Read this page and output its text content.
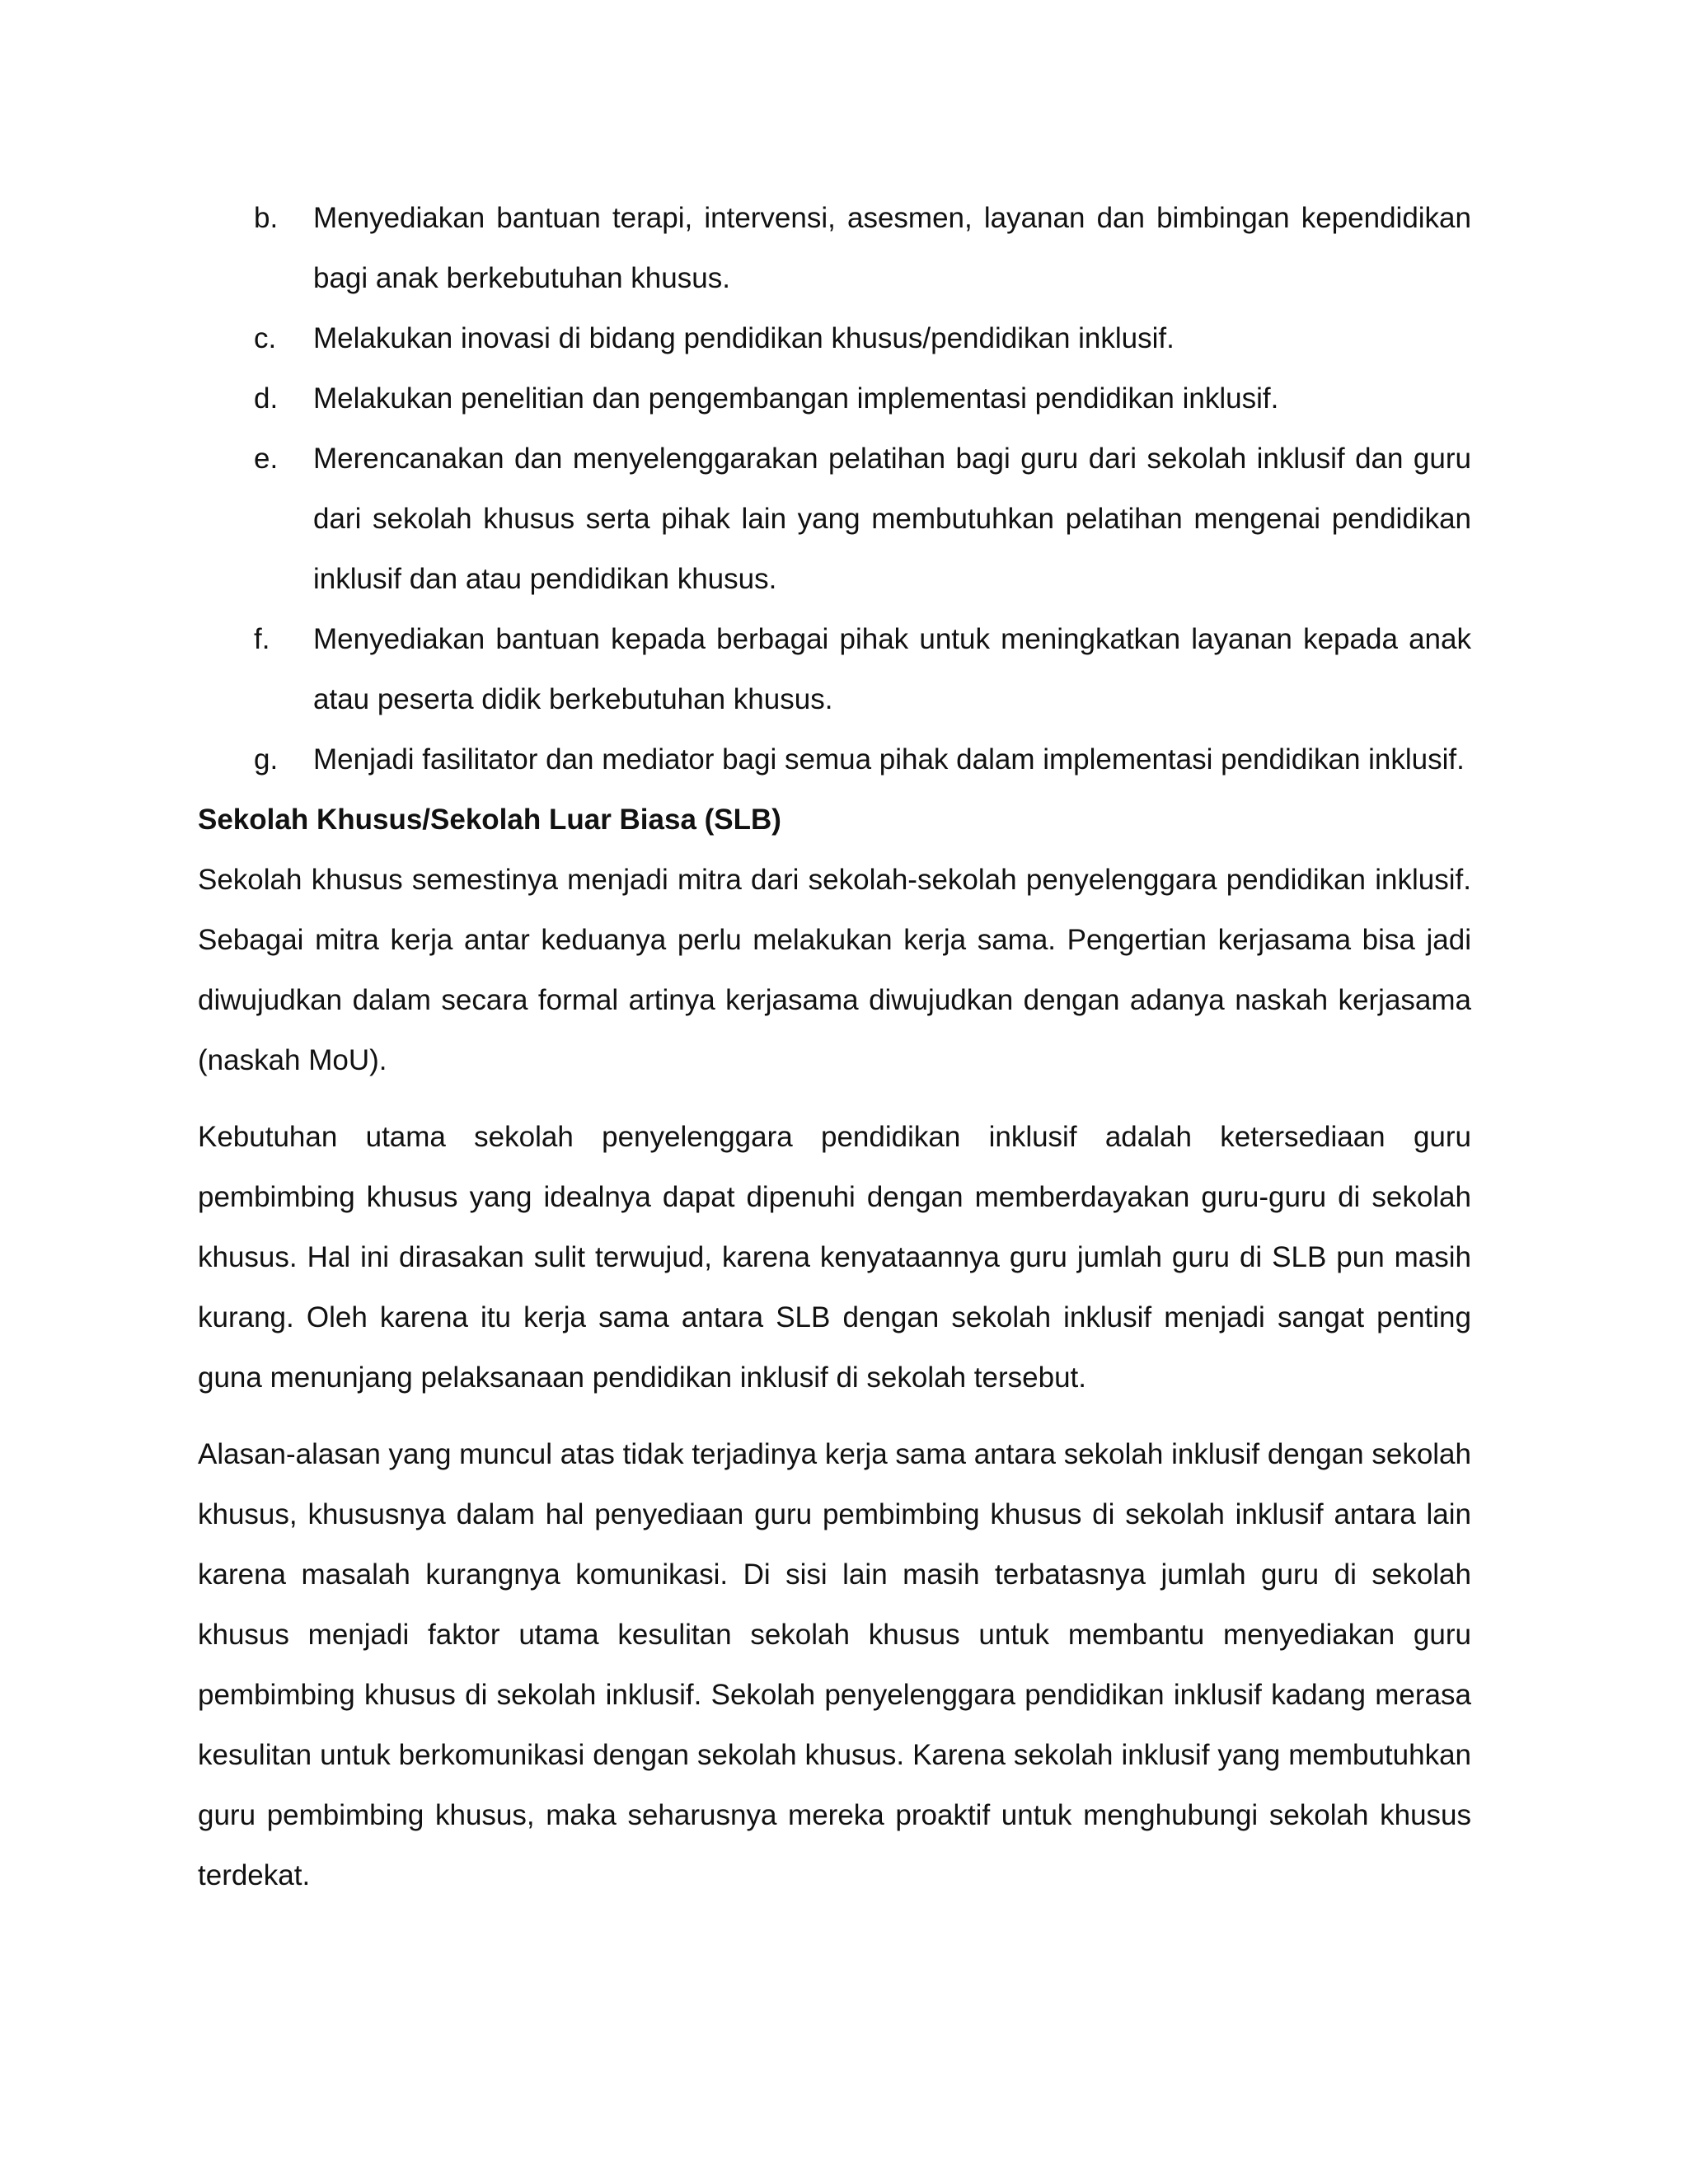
b.	Menyediakan bantuan terapi, intervensi, asesmen, layanan dan bimbingan kependidikan bagi anak berkebutuhan khusus.
c.	Melakukan inovasi di bidang pendidikan khusus/pendidikan inklusif.
d.	Melakukan penelitian dan pengembangan implementasi pendidikan inklusif.
e.	Merencanakan dan menyelenggarakan pelatihan bagi guru dari sekolah inklusif dan guru dari sekolah khusus serta pihak lain yang membutuhkan pelatihan mengenai pendidikan inklusif dan atau pendidikan khusus.
f.	Menyediakan bantuan kepada berbagai pihak untuk meningkatkan layanan kepada anak atau peserta didik berkebutuhan khusus.
g.	Menjadi fasilitator dan mediator bagi semua pihak dalam implementasi pendidikan inklusif.
Sekolah Khusus/Sekolah Luar Biasa (SLB)

Sekolah khusus semestinya menjadi mitra dari sekolah-sekolah penyelenggara pendidikan inklusif. Sebagai mitra kerja antar keduanya perlu melakukan kerja sama. Pengertian kerjasama bisa jadi diwujudkan dalam secara formal artinya kerjasama diwujudkan dengan adanya naskah kerjasama (naskah MoU).

Kebutuhan utama sekolah penyelenggara pendidikan inklusif adalah ketersediaan guru pembimbing khusus yang idealnya dapat dipenuhi dengan memberdayakan guru-guru di sekolah khusus. Hal ini dirasakan sulit terwujud, karena kenyataannya guru jumlah guru di SLB pun masih kurang. Oleh karena itu kerja sama antara SLB dengan sekolah inklusif menjadi sangat penting guna menunjang pelaksanaan pendidikan inklusif di sekolah tersebut.

Alasan-alasan yang muncul atas tidak terjadinya kerja sama antara sekolah inklusif dengan sekolah khusus, khususnya dalam hal penyediaan guru pembimbing khusus di sekolah inklusif antara lain karena masalah kurangnya komunikasi. Di sisi lain masih terbatasnya jumlah guru di sekolah khusus menjadi faktor utama kesulitan sekolah khusus untuk membantu menyediakan guru pembimbing khusus di sekolah inklusif. Sekolah penyelenggara pendidikan inklusif kadang merasa kesulitan untuk berkomunikasi dengan sekolah khusus. Karena sekolah inklusif yang membutuhkan guru pembimbing khusus, maka seharusnya mereka proaktif untuk menghubungi sekolah khusus terdekat.
